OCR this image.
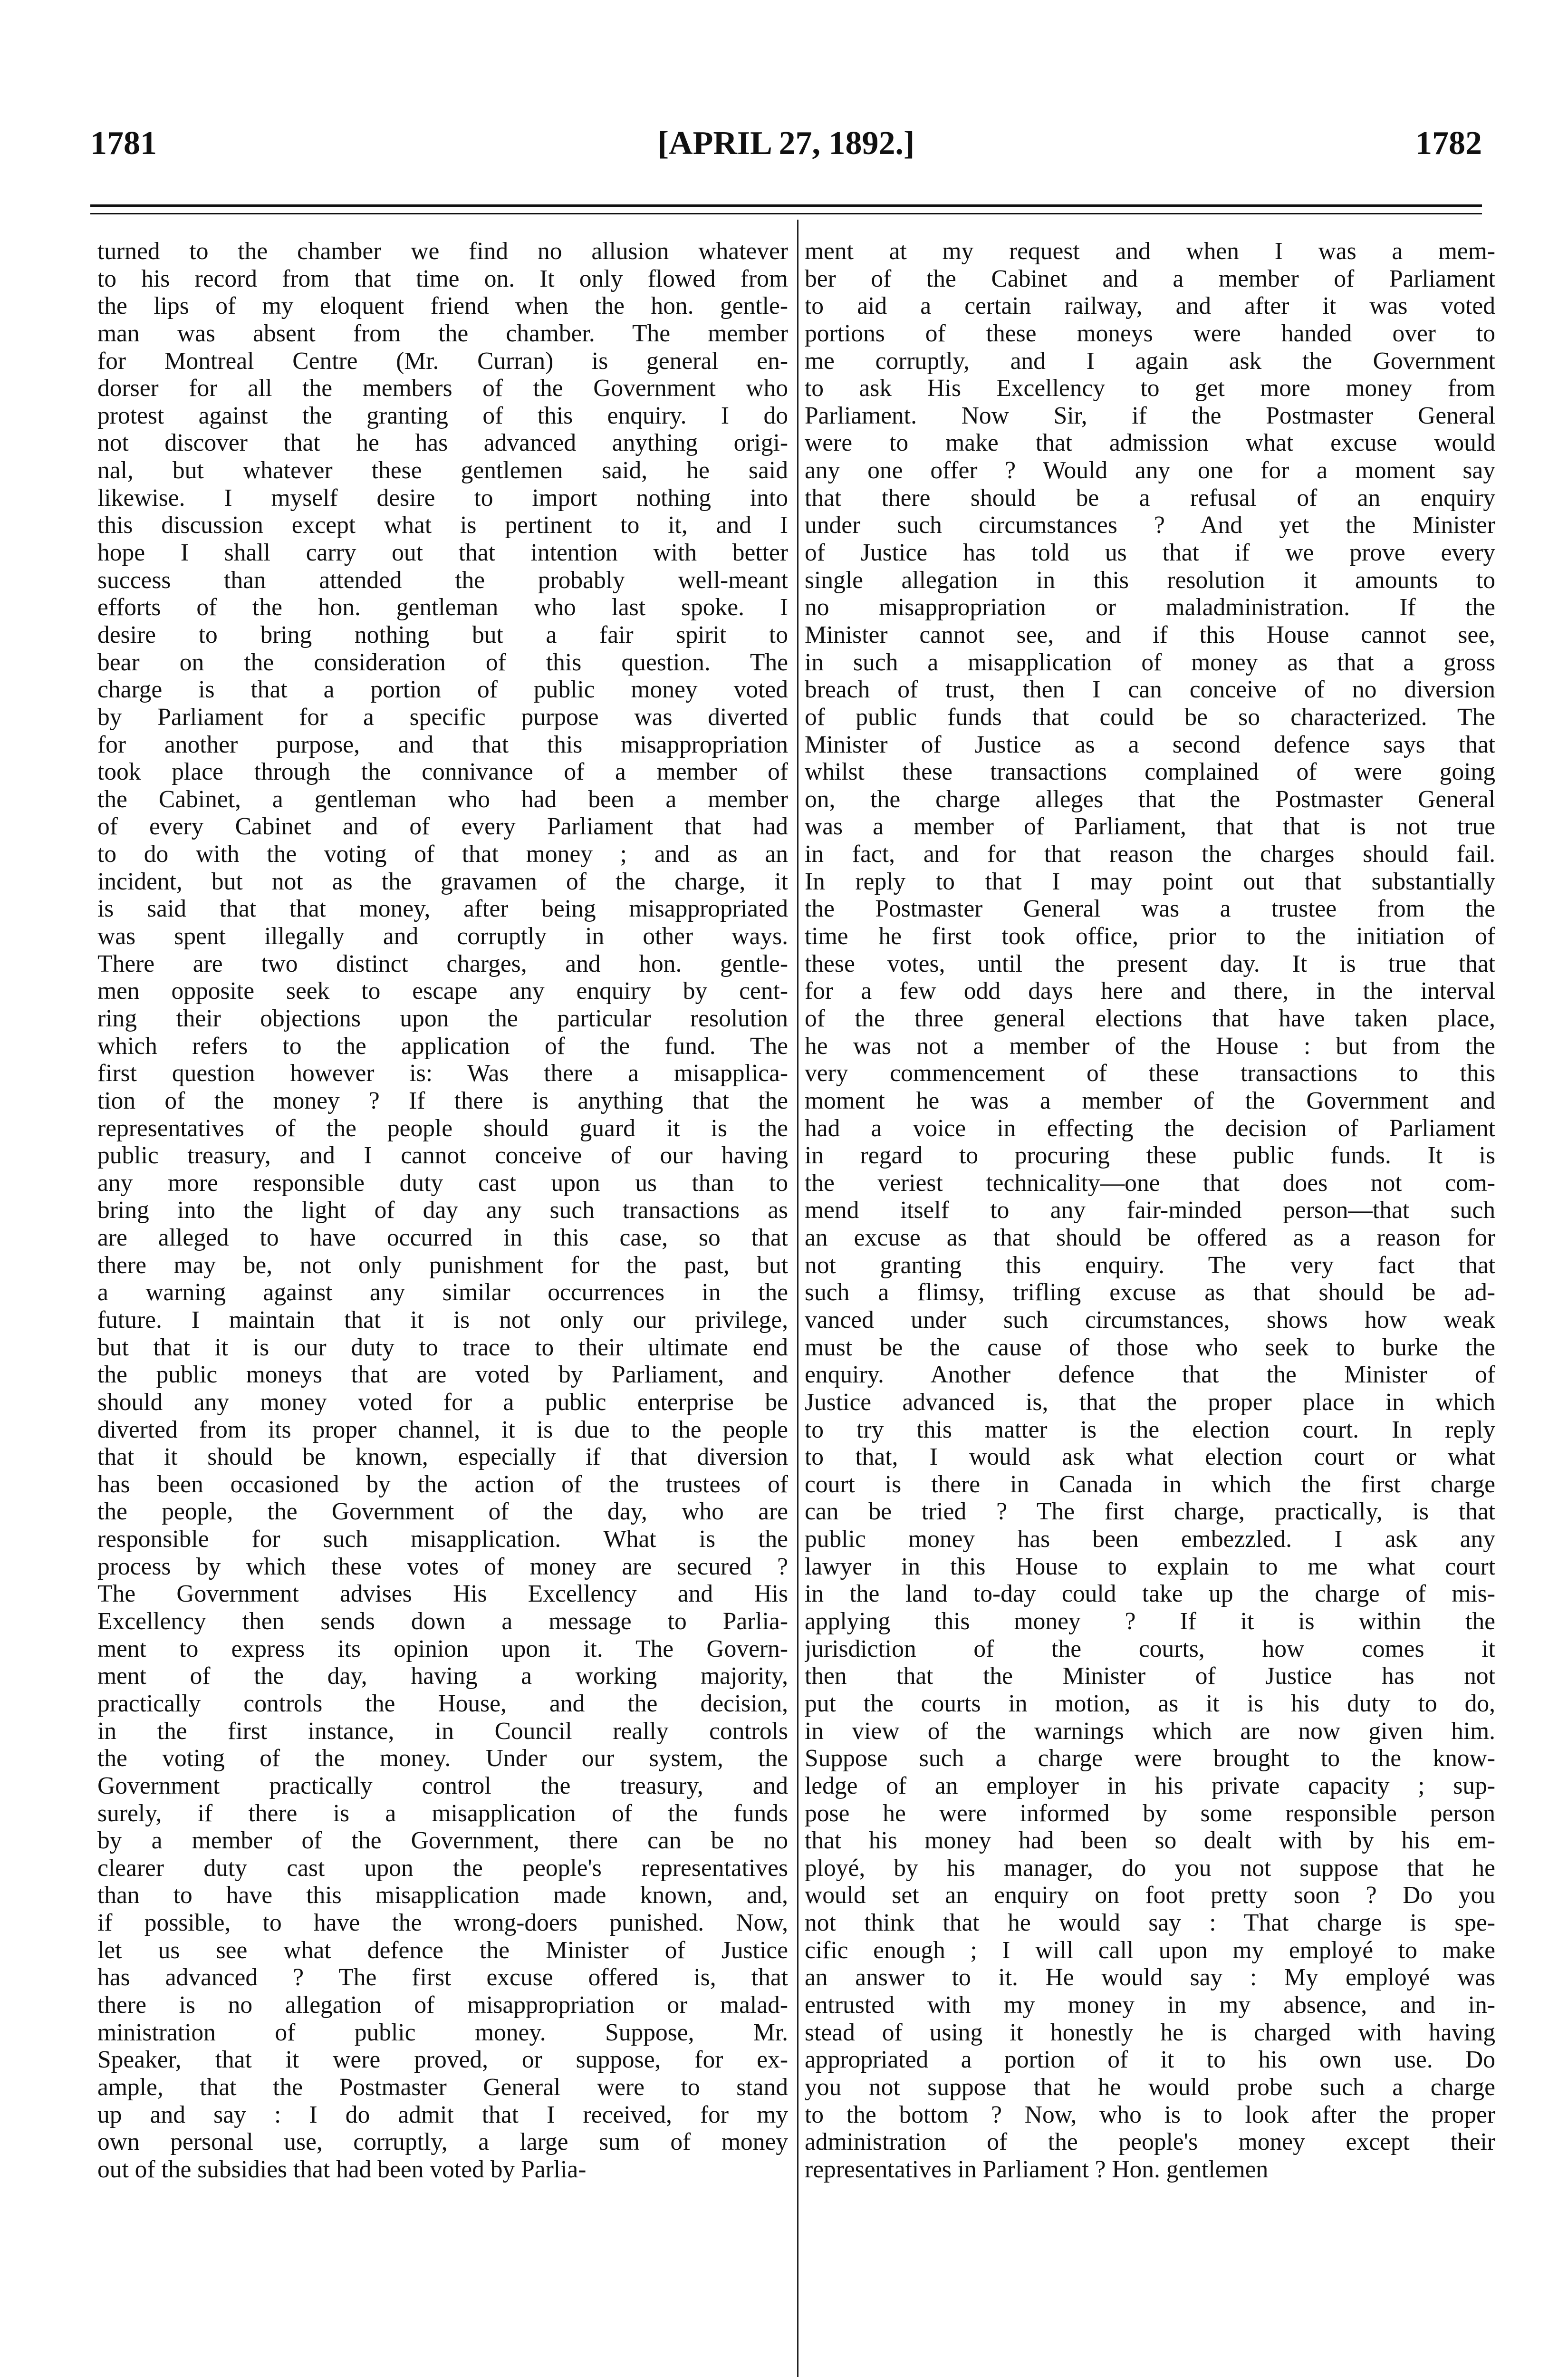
1781	[APRIL 27, 1892.]	1782
turned to the chamber we find no allusion whatever
to his record from that time on. It only flowed from
the lips of my eloquent friend when the hon. gentle-
man was absent from the chamber. The member
for Montreal Centre (Mr. Curran) is general en-
dorser for all the members of the Government who
protest against the granting of this enquiry. I do
not discover that he has advanced anything origi-
nal, but whatever these gentlemen said, he said
likewise. I myself desire to import nothing into
this discussion except what is pertinent to it, and I
hope I shall carry out that intention with better
success than attended the probably well-meant
efforts of the hon. gentleman who last spoke. I
desire to bring nothing but a fair spirit to
bear on the consideration of this question. The
charge is that a portion of public money voted
by Parliament for a specific purpose was diverted
for another purpose, and that this misappropriation
took place through the connivance of a member of
the Cabinet, a gentleman who had been a member
of every Cabinet and of every Parliament that had
to do with the voting of that money ; and as an
incident, but not as the gravamen of the charge, it
is said that that money, after being misappropriated
was spent illegally and corruptly in other ways.
There are two distinct charges, and hon. gentle-
men opposite seek to escape any enquiry by cent-
ring their objections upon the particular resolution
which refers to the application of the fund. The
first question however is: Was there a misapplica-
tion of the money ? If there is anything that the
representatives of the people should guard it is the
public treasury, and I cannot conceive of our having
any more responsible duty cast upon us than to
bring into the light of day any such transactions as
are alleged to have occurred in this case, so that
there may be, not only punishment for the past, but
a warning against any similar occurrences in the
future. I maintain that it is not only our privilege,
but that it is our duty to trace to their ultimate end
the public moneys that are voted by Parliament, and
should any money voted for a public enterprise be
diverted from its proper channel, it is due to the people
that it should be known, especially if that diversion
has been occasioned by the action of the trustees of
the people, the Government of the day, who are
responsible for such misapplication. What is the
process by which these votes of money are secured ?
The Government advises His Excellency and His
Excellency then sends down a message to Parlia-
ment to express its opinion upon it. The Govern-
ment of the day, having a working majority,
practically controls the House, and the decision,
in the first instance, in Council really controls
the voting of the money. Under our system, the
Government practically control the treasury, and
surely, if there is a misapplication of the funds
by a member of the Government, there can be no
clearer duty cast upon the people's representatives
than to have this misapplication made known, and,
if possible, to have the wrong-doers punished. Now,
let us see what defence the Minister of Justice
has advanced ? The first excuse offered is, that
there is no allegation of misappropriation or malad-
ministration of public money. Suppose, Mr.
Speaker, that it were proved, or suppose, for ex-
ample, that the Postmaster General were to stand
up and say : I do admit that I received, for my
own personal use, corruptly, a large sum of money
out of the subsidies that had been voted by Parlia-
ment at my request and when I was a mem-
ber of the Cabinet and a member of Parliament
to aid a certain railway, and after it was voted
portions of these moneys were handed over to
me corruptly, and I again ask the Government
to ask His Excellency to get more money from
Parliament. Now Sir, if the Postmaster General
were to make that admission what excuse would
any one offer ? Would any one for a moment say
that there should be a refusal of an enquiry
under such circumstances ? And yet the Minister
of Justice has told us that if we prove every
single allegation in this resolution it amounts to
no misappropriation or maladministration. If the
Minister cannot see, and if this House cannot see,
in such a misapplication of money as that a gross
breach of trust, then I can conceive of no diversion
of public funds that could be so characterized. The
Minister of Justice as a second defence says that
whilst these transactions complained of were going
on, the charge alleges that the Postmaster General
was a member of Parliament, that that is not true
in fact, and for that reason the charges should fail.
In reply to that I may point out that substantially
the Postmaster General was a trustee from the
time he first took office, prior to the initiation of
these votes, until the present day. It is true that
for a few odd days here and there, in the interval
of the three general elections that have taken place,
he was not a member of the House : but from the
very commencement of these transactions to this
moment he was a member of the Government and
had a voice in effecting the decision of Parliament
in regard to procuring these public funds. It is
the veriest technicality—one that does not com-
mend itself to any fair-minded person—that such
an excuse as that should be offered as a reason for
not granting this enquiry. The very fact that
such a flimsy, trifling excuse as that should be ad-
vanced under such circumstances, shows how weak
must be the cause of those who seek to burke the
enquiry. Another defence that the Minister of
Justice advanced is, that the proper place in which
to try this matter is the election court. In reply
to that, I would ask what election court or what
court is there in Canada in which the first charge
can be tried ? The first charge, practically, is that
public money has been embezzled. I ask any
lawyer in this House to explain to me what court
in the land to-day could take up the charge of mis-
applying this money ? If it is within the
jurisdiction of the courts, how comes it
then that the Minister of Justice has not
put the courts in motion, as it is his duty to do,
in view of the warnings which are now given him.
Suppose such a charge were brought to the know-
ledge of an employer in his private capacity ; sup-
pose he were informed by some responsible person
that his money had been so dealt with by his em-
ployé, by his manager, do you not suppose that he
would set an enquiry on foot pretty soon ? Do you
not think that he would say : That charge is spe-
cific enough ; I will call upon my employé to make
an answer to it. He would say : My employé was
entrusted with my money in my absence, and in-
stead of using it honestly he is charged with having
appropriated a portion of it to his own use. Do
you not suppose that he would probe such a charge
to the bottom ? Now, who is to look after the proper
administration of the people's money except their
representatives in Parliament ? Hon. gentlemen
